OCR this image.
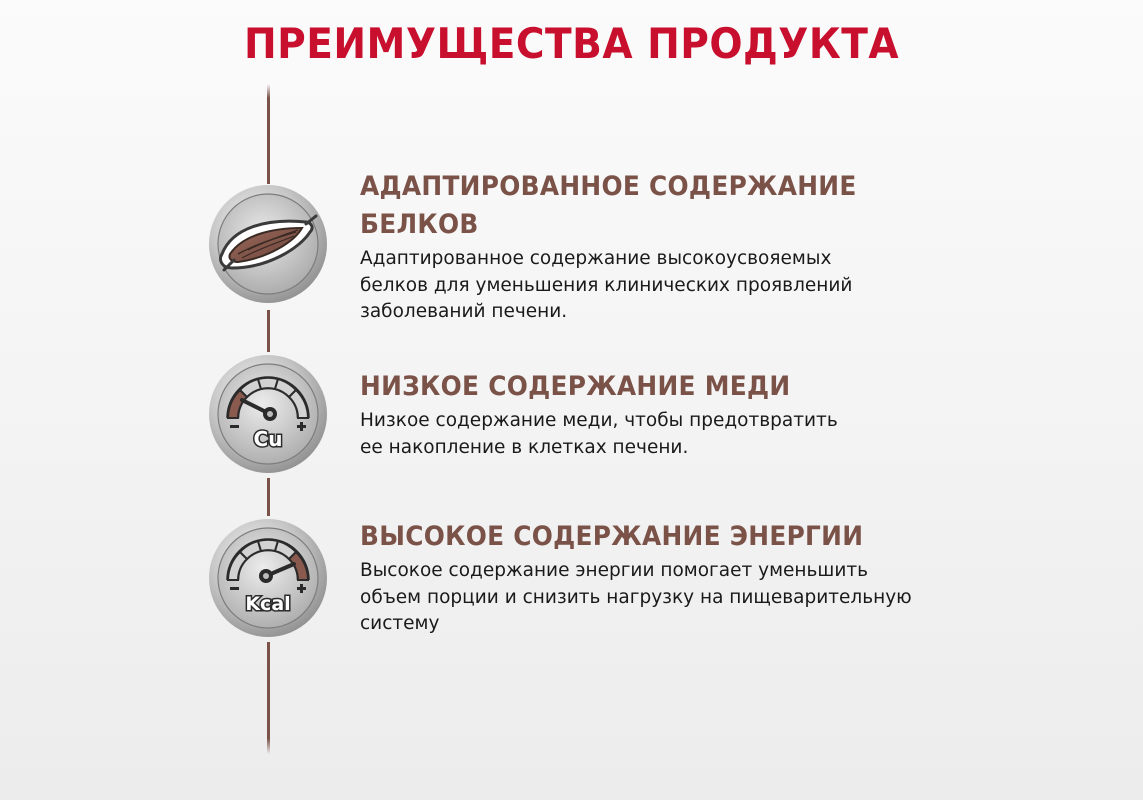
ПРЕИМУЩЕСТВА ПРОДУКТА
Cu
Kcal
АДАПТИРОВАННОЕ СОДЕРЖАНИЕ
БЕЛКОВ
Адаптированное содержание высокоусвояемых
белков для уменьшения клинических проявлений
заболеваний печени.
НИЗКОЕ СОДЕРЖАНИЕ МЕДИ
Низкое содержание меди, чтобы предотвратить
ее накопление в клетках печени.
ВЫСОКОЕ СОДЕРЖАНИЕ ЭНЕРГИИ
Высокое содержание энергии помогает уменьшить
объем порции и снизить нагрузку на пищеварительную
систему
